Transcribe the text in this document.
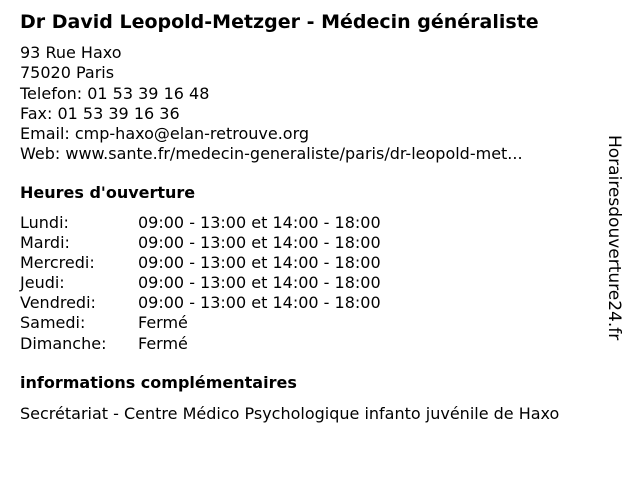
Dr David Leopold-Metzger - Médecin généraliste
93 Rue Haxo
75020 Paris
Telefon: 01 53 39 16 48
Fax: 01 53 39 16 36
Email: cmp-haxo@elan-retrouve.org
Web: www.sante.fr/medecin-generaliste/paris/dr-leopold-met...
Heures d'ouverture
Lundi:	09:00 - 13:00 et 14:00 - 18:00
Mardi:	09:00 - 13:00 et 14:00 - 18:00
Mercredi:	09:00 - 13:00 et 14:00 - 18:00
Jeudi:	09:00 - 13:00 et 14:00 - 18:00
Vendredi:	09:00 - 13:00 et 14:00 - 18:00
Samedi:	Fermé
Dimanche: Fermé
informations complémentaires
Secrétariat - Centre Médico Psychologique infanto juvénile de Haxo
Horairesdouverture24.fr
